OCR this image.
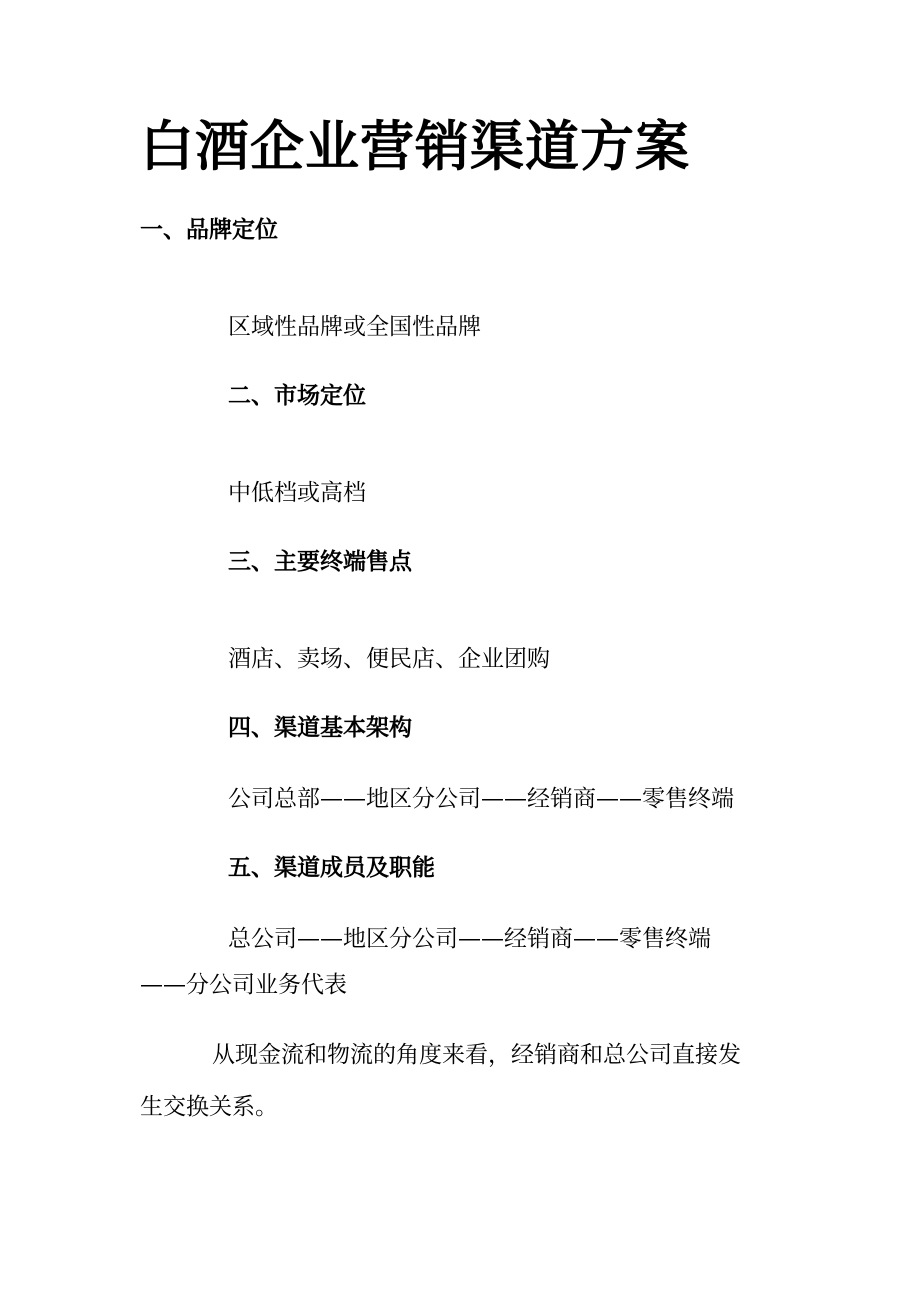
白酒企业营销渠道方案
一、品牌定位
区域性品牌或全国性品牌
二、市场定位
中低档或高档
三、主要终端售点
酒店、卖场、便民店、企业团购
四、渠道基本架构
公司总部——地区分公司——经销商——零售终端
五、渠道成员及职能
总公司——地区分公司——经销商——零售终端
——分公司业务代表
从现金流和物流的角度来看，经销商和总公司直接发
生交换关系。
